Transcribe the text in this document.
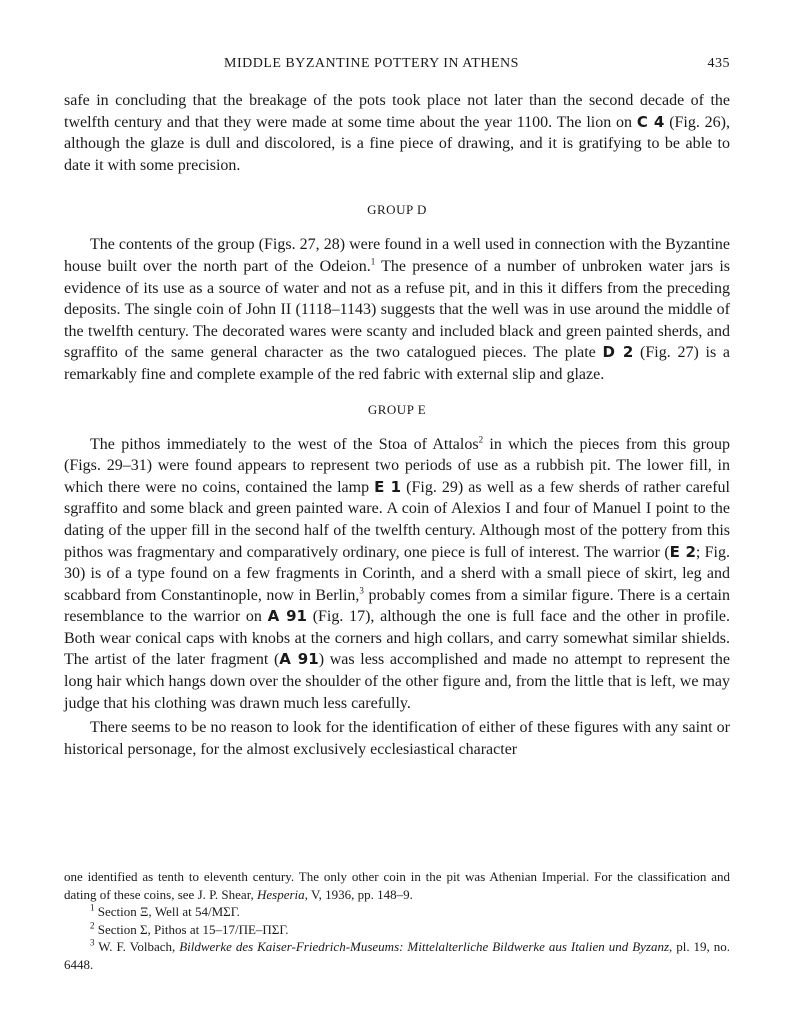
MIDDLE BYZANTINE POTTERY IN ATHENS	435

safe in concluding that the breakage of the pots took place not later than the second decade of the twelfth century and that they were made at some time about the year 1100. The lion on C 4 (Fig. 26), although the glaze is dull and discolored, is a fine piece of drawing, and it is gratifying to be able to date it with some precision.

GROUP D

The contents of the group (Figs. 27, 28) were found in a well used in connection with the Byzantine house built over the north part of the Odeion.$^1$ The presence of a number of unbroken water jars is evidence of its use as a source of water and not as a refuse pit, and in this it differs from the preceding deposits. The single coin of John II (1118–1143) suggests that the well was in use around the middle of the twelfth century. The decorated wares were scanty and included black and green painted sherds, and sgraffito of the same general character as the two catalogued pieces. The plate D 2 (Fig. 27) is a remarkably fine and complete example of the red fabric with external slip and glaze.

GROUP E

The pithos immediately to the west of the Stoa of Attalos$^2$ in which the pieces from this group (Figs. 29–31) were found appears to represent two periods of use as a rubbish pit. The lower fill, in which there were no coins, contained the lamp E 1 (Fig. 29) as well as a few sherds of rather careful sgraffito and some black and green painted ware. A coin of Alexios I and four of Manuel I point to the dating of the upper fill in the second half of the twelfth century. Although most of the pottery from this pithos was fragmentary and comparatively ordinary, one piece is full of interest. The warrior (E 2; Fig. 30) is of a type found on a few fragments in Corinth, and a sherd with a small piece of skirt, leg and scabbard from Constantinople, now in Berlin,$^3$ probably comes from a similar figure. There is a certain resemblance to the warrior on A 91 (Fig. 17), although the one is full face and the other in profile. Both wear conical caps with knobs at the corners and high collars, and carry somewhat similar shields. The artist of the later fragment (A 91) was less accomplished and made no attempt to represent the long hair which hangs down over the shoulder of the other figure and, from the little that is left, we may judge that his clothing was drawn much less carefully.

There seems to be no reason to look for the identification of either of these figures with any saint or historical personage, for the almost exclusively ecclesiastical character

one identified as tenth to eleventh century. The only other coin in the pit was Athenian Imperial. For the classification and dating of these coins, see J. P. Shear, Hesperia, V, 1936, pp. 148–9.

$^1$ Section Ξ, Well at 54/ΜΣΓ.

$^2$ Section Σ, Pithos at 15–17/ΠΕ–ΠΣΓ.

$^3$ W. F. Volbach, Bildwerke des Kaiser-Friedrich-Museums: Mittelalterliche Bildwerke aus Italien und Byzanz, pl. 19, no. 6448.
